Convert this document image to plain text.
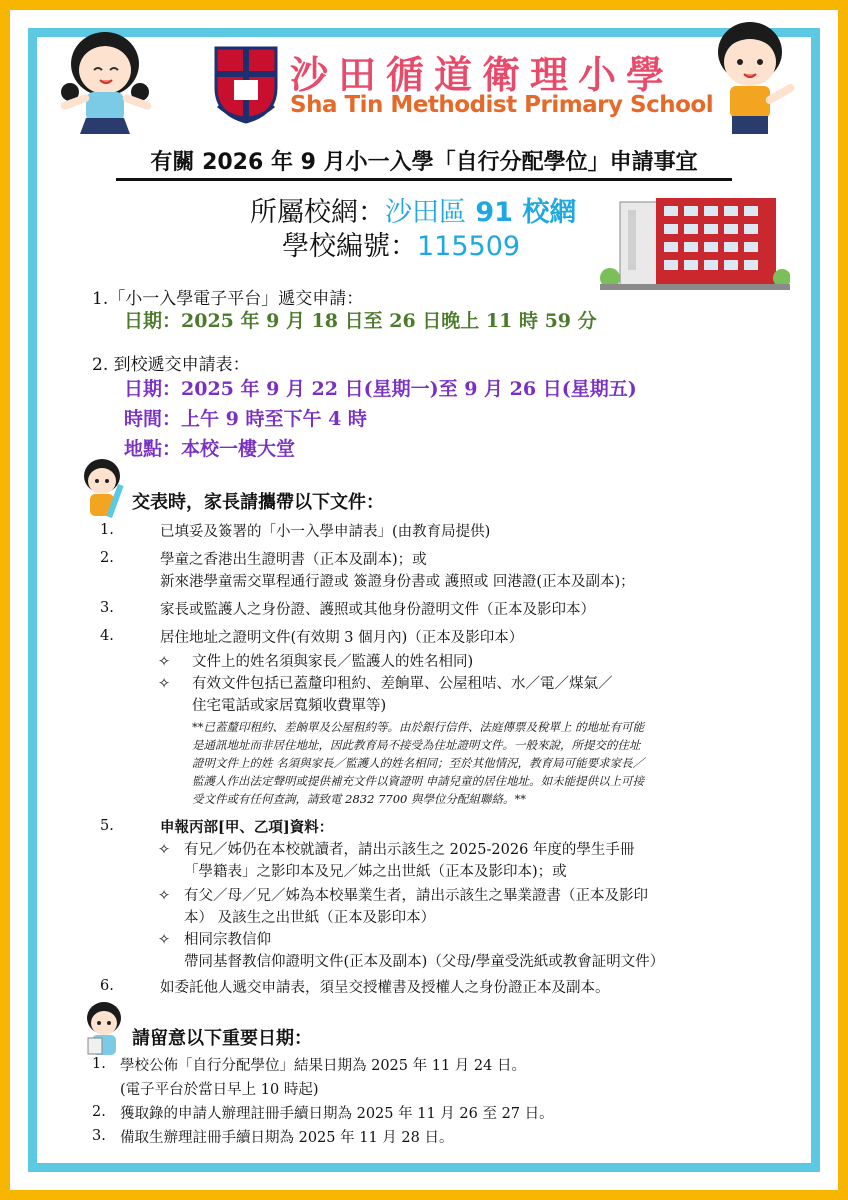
沙田循道衛理小學
Sha Tin Methodist Primary School
有關 2026 年 9 月小一入學「自行分配學位」申請事宜
所屬校網：沙田區 91 校網
學校編號：115509
1.「小一入學電子平台」遞交申請：
日期：2025 年 9 月 18 日至 26 日晚上 11 時 59 分
2. 到校遞交申請表：
日期：2025 年 9 月 22 日(星期一)至 9 月 26 日(星期五)
時間：上午 9 時至下午 4 時
地點：本校一樓大堂
交表時，家長請攜帶以下文件：
1.	已填妥及簽署的「小一入學申請表」(由教育局提供)
2.	學童之香港出生證明書（正本及副本)；或
新來港學童需交單程通行證或 簽證身份書或 護照或 回港證(正本及副本)；
3.	家長或監護人之身份證、護照或其他身份證明文件（正本及影印本）
4.	居住地址之證明文件(有效期 3 個月內)（正本及影印本）
✧ 文件上的姓名須與家長／監護人的姓名相同)
✧ 有效文件包括已蓋釐印租約、差餉單、公屋租咭、水／電／煤氣／
住宅電話或家居寬頻收費單等)
**已蓋釐印租約、差餉單及公屋租約等。由於銀行信件、法庭傳票及稅單上 的地址有可能
是通訊地址而非居住地址，因此教育局不接受為住址證明文件。一般來說，所提交的住址
證明文件上的姓 名須與家長／監護人的姓名相同；至於其他情況，教育局可能要求家長／
監護人作出法定聲明或提供補充文件以資證明 申請兒童的居住地址。如未能提供以上可接
受文件或有任何查詢，請致電 2832 7700 與學位分配組聯絡。**
5.	申報丙部[甲、乙項]資料：
✧ 有兄／姊仍在本校就讀者，請出示該生之 2025-2026 年度的學生手冊
「學籍表」之影印本及兄／姊之出世紙（正本及影印本)；或
✧ 有父／母／兄／姊為本校畢業生者，請出示該生之畢業證書（正本及影印
本） 及該生之出世紙（正本及影印本）
✧ 相同宗教信仰
帶同基督教信仰證明文件(正本及副本)（父母/學童受洗紙或教會証明文件）
6.	如委託他人遞交申請表，須呈交授權書及授權人之身份證正本及副本。
請留意以下重要日期：
1. 學校公佈「自行分配學位」結果日期為 2025 年 11 月 24 日。
(電子平台於當日早上 10 時起)
2. 獲取錄的申請人辦理註冊手續日期為 2025 年 11 月 26 至 27 日。
3. 備取生辦理註冊手續日期為 2025 年 11 月 28 日。
